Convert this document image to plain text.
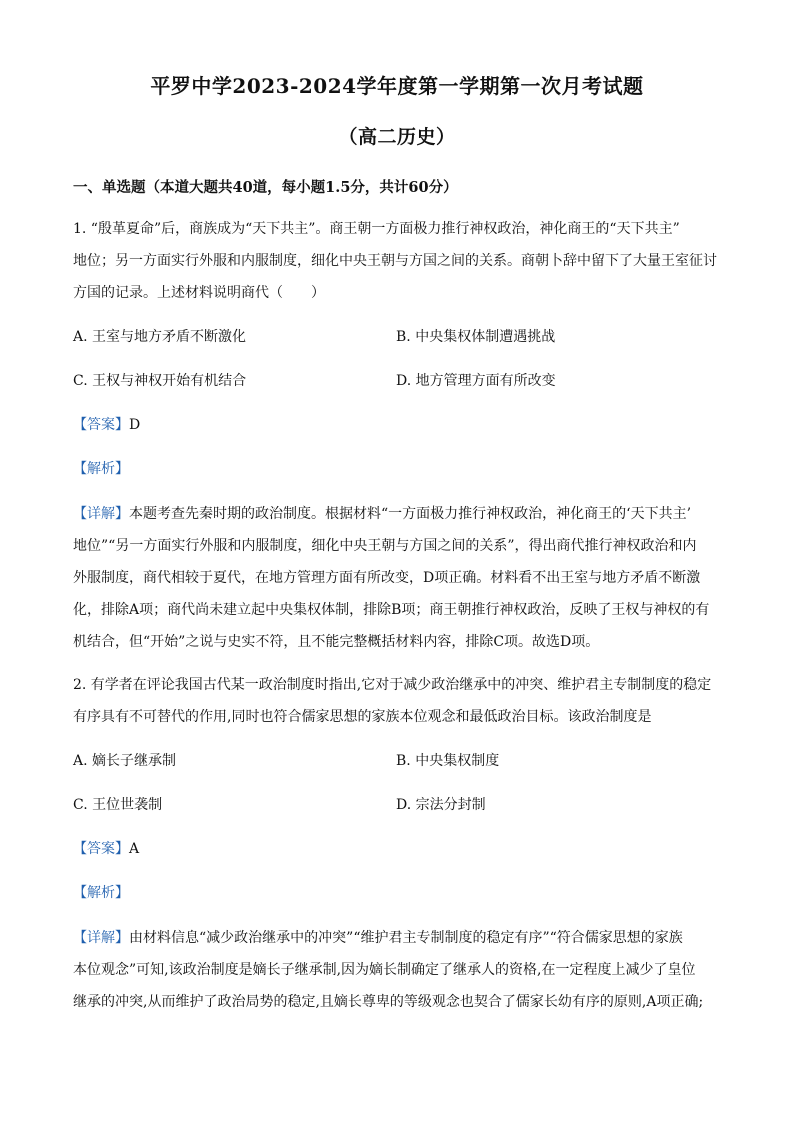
平罗中学2023-2024学年度第一学期第一次月考试题
（高二历史）
一、单选题（本道大题共40道，每小题1.5分，共计60分）
1. “殷革夏命”后，商族成为“天下共主”。商王朝一方面极力推行神权政治，神化商王的“天下共主”
地位；另一方面实行外服和内服制度，细化中央王朝与方国之间的关系。商朝卜辞中留下了大量王室征讨
方国的记录。上述材料说明商代（　　）
A. 王室与地方矛盾不断激化	B. 中央集权体制遭遇挑战
C. 王权与神权开始有机结合	D. 地方管理方面有所改变
【答案】D
【解析】
【详解】本题考查先秦时期的政治制度。根据材料“一方面极力推行神权政治，神化商王的‘天下共主’
地位”“另一方面实行外服和内服制度，细化中央王朝与方国之间的关系”，得出商代推行神权政治和内
外服制度，商代相较于夏代，在地方管理方面有所改变，D项正确。材料看不出王室与地方矛盾不断激
化，排除A项；商代尚未建立起中央集权体制，排除B项；商王朝推行神权政治，反映了王权与神权的有
机结合，但“开始”之说与史实不符，且不能完整概括材料内容，排除C项。故选D项。
2. 有学者在评论我国古代某一政治制度时指出,它对于减少政治继承中的冲突、维护君主专制制度的稳定
有序具有不可替代的作用,同时也符合儒家思想的家族本位观念和最低政治目标。该政治制度是
A. 嫡长子继承制	B. 中央集权制度
C. 王位世袭制	D. 宗法分封制
【答案】A
【解析】
【详解】由材料信息“减少政治继承中的冲突”“维护君主专制制度的稳定有序”“符合儒家思想的家族
本位观念”可知,该政治制度是嫡长子继承制,因为嫡长制确定了继承人的资格,在一定程度上减少了皇位
继承的冲突,从而维护了政治局势的稳定,且嫡长尊卑的等级观念也契合了儒家长幼有序的原则,A项正确;
